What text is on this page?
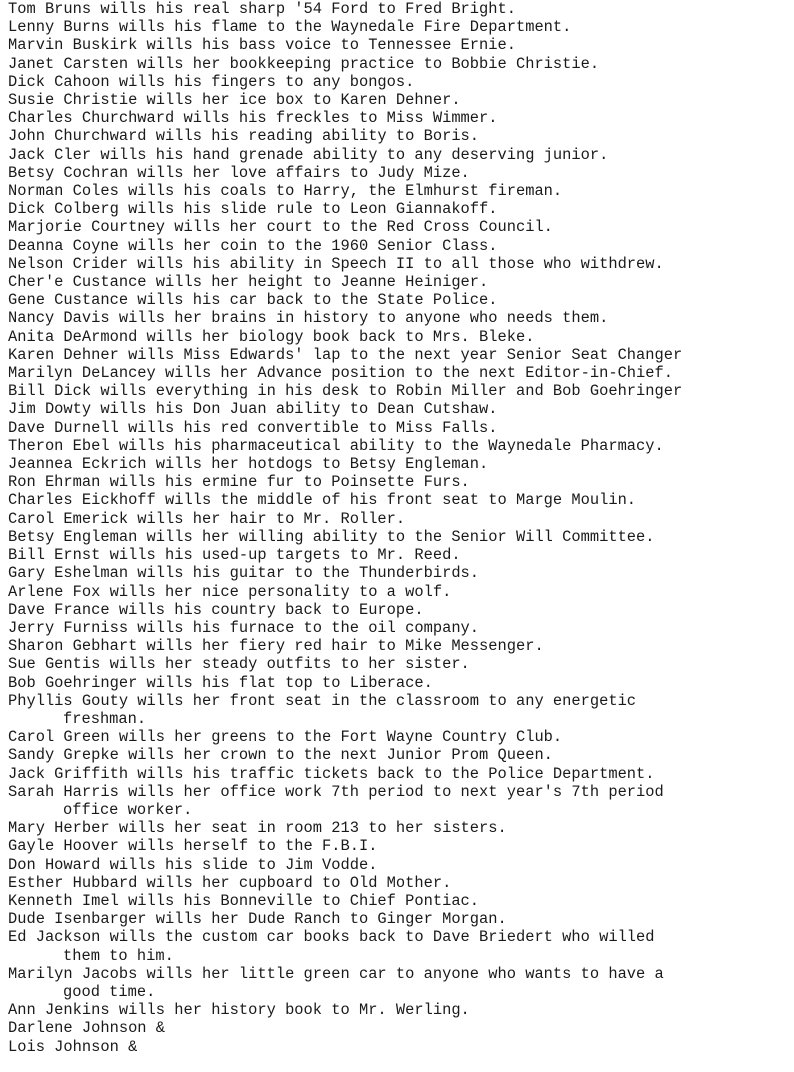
Tom Bruns wills his real sharp '54 Ford to Fred Bright.
Lenny Burns wills his flame to the Waynedale Fire Department.
Marvin Buskirk wills his bass voice to Tennessee Ernie.
Janet Carsten wills her bookkeeping practice to Bobbie Christie.
Dick Cahoon wills his fingers to any bongos.
Susie Christie wills her ice box to Karen Dehner.
Charles Churchward wills his freckles to Miss Wimmer.
John Churchward wills his reading ability to Boris.
Jack Cler wills his hand grenade ability to any deserving junior.
Betsy Cochran wills her love affairs to Judy Mize.
Norman Coles wills his coals to Harry, the Elmhurst fireman.
Dick Colberg wills his slide rule to Leon Giannakoff.
Marjorie Courtney wills her court to the Red Cross Council.
Deanna Coyne wills her coin to the 1960 Senior Class.
Nelson Crider wills his ability in Speech II to all those who withdrew.
Cher'e Custance wills her height to Jeanne Heiniger.
Gene Custance wills his car back to the State Police.
Nancy Davis wills her brains in history to anyone who needs them.
Anita DeArmond wills her biology book back to Mrs. Bleke.
Karen Dehner wills Miss Edwards' lap to the next year Senior Seat Changer
Marilyn DeLancey wills her Advance position to the next Editor-in-Chief.
Bill Dick wills everything in his desk to Robin Miller and Bob Goehringer
Jim Dowty wills his Don Juan ability to Dean Cutshaw.
Dave Durnell wills his red convertible to Miss Falls.
Theron Ebel wills his pharmaceutical ability to the Waynedale Pharmacy.
Jeannea Eckrich wills her hotdogs to Betsy Engleman.
Ron Ehrman wills his ermine fur to Poinsette Furs.
Charles Eickhoff wills the middle of his front seat to Marge Moulin.
Carol Emerick wills her hair to Mr. Roller.
Betsy Engleman wills her willing ability to the Senior Will Committee.
Bill Ernst wills his used-up targets to Mr. Reed.
Gary Eshelman wills his guitar to the Thunderbirds.
Arlene Fox wills her nice personality to a wolf.
Dave France wills his country back to Europe.
Jerry Furniss wills his furnace to the oil company.
Sharon Gebhart wills her fiery red hair to Mike Messenger.
Sue Gentis wills her steady outfits to her sister.
Bob Goehringer wills his flat top to Liberace.
Phyllis Gouty wills her front seat in the classroom to any energetic
freshman.
Carol Green wills her greens to the Fort Wayne Country Club.
Sandy Grepke wills her crown to the next Junior Prom Queen.
Jack Griffith wills his traffic tickets back to the Police Department.
Sarah Harris wills her office work 7th period to next year's 7th period
office worker.
Mary Herber wills her seat in room 213 to her sisters.
Gayle Hoover wills herself to the F.B.I.
Don Howard wills his slide to Jim Vodde.
Esther Hubbard wills her cupboard to Old Mother.
Kenneth Imel wills his Bonneville to Chief Pontiac.
Dude Isenbarger wills her Dude Ranch to Ginger Morgan.
Ed Jackson wills the custom car books back to Dave Briedert who willed
them to him.
Marilyn Jacobs wills her little green car to anyone who wants to have a
good time.
Ann Jenkins wills her history book to Mr. Werling.
Darlene Johnson &
Lois Johnson &
